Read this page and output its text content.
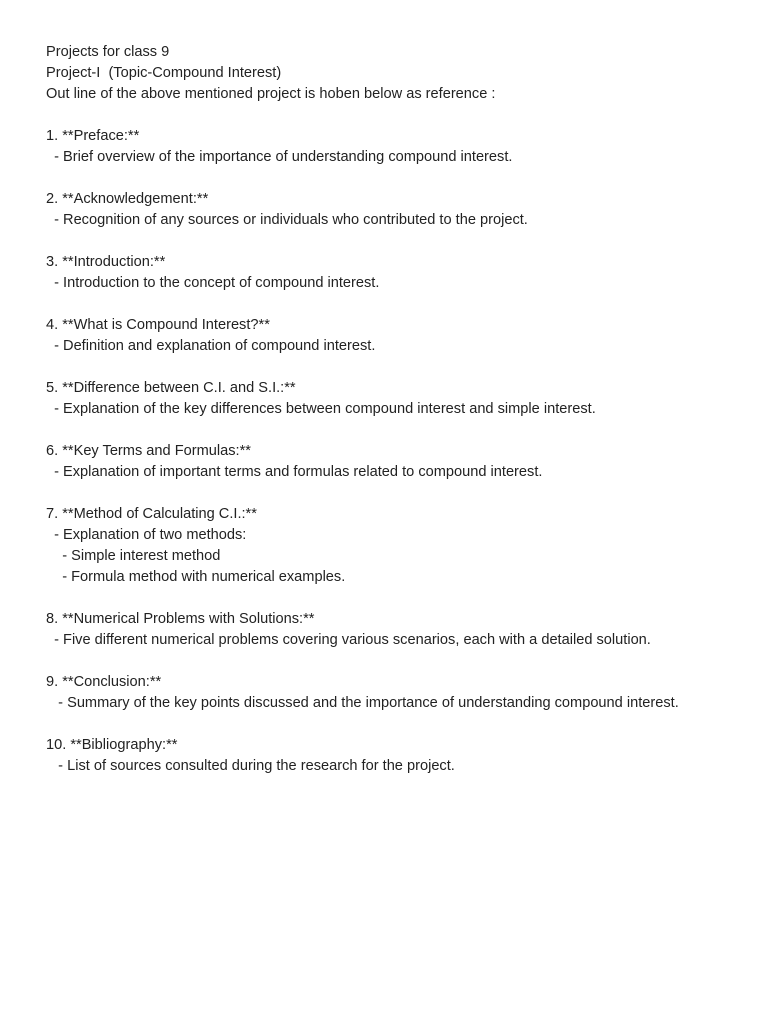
Projects for class 9

Project-I  (Topic-Compound Interest)

Out line of the above mentioned project is hoben below as reference :

1. **Preface:**

- Brief overview of the importance of understanding compound interest.

2. **Acknowledgement:**

- Recognition of any sources or individuals who contributed to the project.

3. **Introduction:**

- Introduction to the concept of compound interest.

4. **What is Compound Interest?**

- Definition and explanation of compound interest.

5. **Difference between C.I. and S.I.:**

- Explanation of the key differences between compound interest and simple interest.

6. **Key Terms and Formulas:**

- Explanation of important terms and formulas related to compound interest.

7. **Method of Calculating C.I.:**

- Explanation of two methods:

- Simple interest method

- Formula method with numerical examples.

8. **Numerical Problems with Solutions:**

- Five different numerical problems covering various scenarios, each with a detailed solution.

9. **Conclusion:**

- Summary of the key points discussed and the importance of understanding compound interest.

10. **Bibliography:**

- List of sources consulted during the research for the project.
